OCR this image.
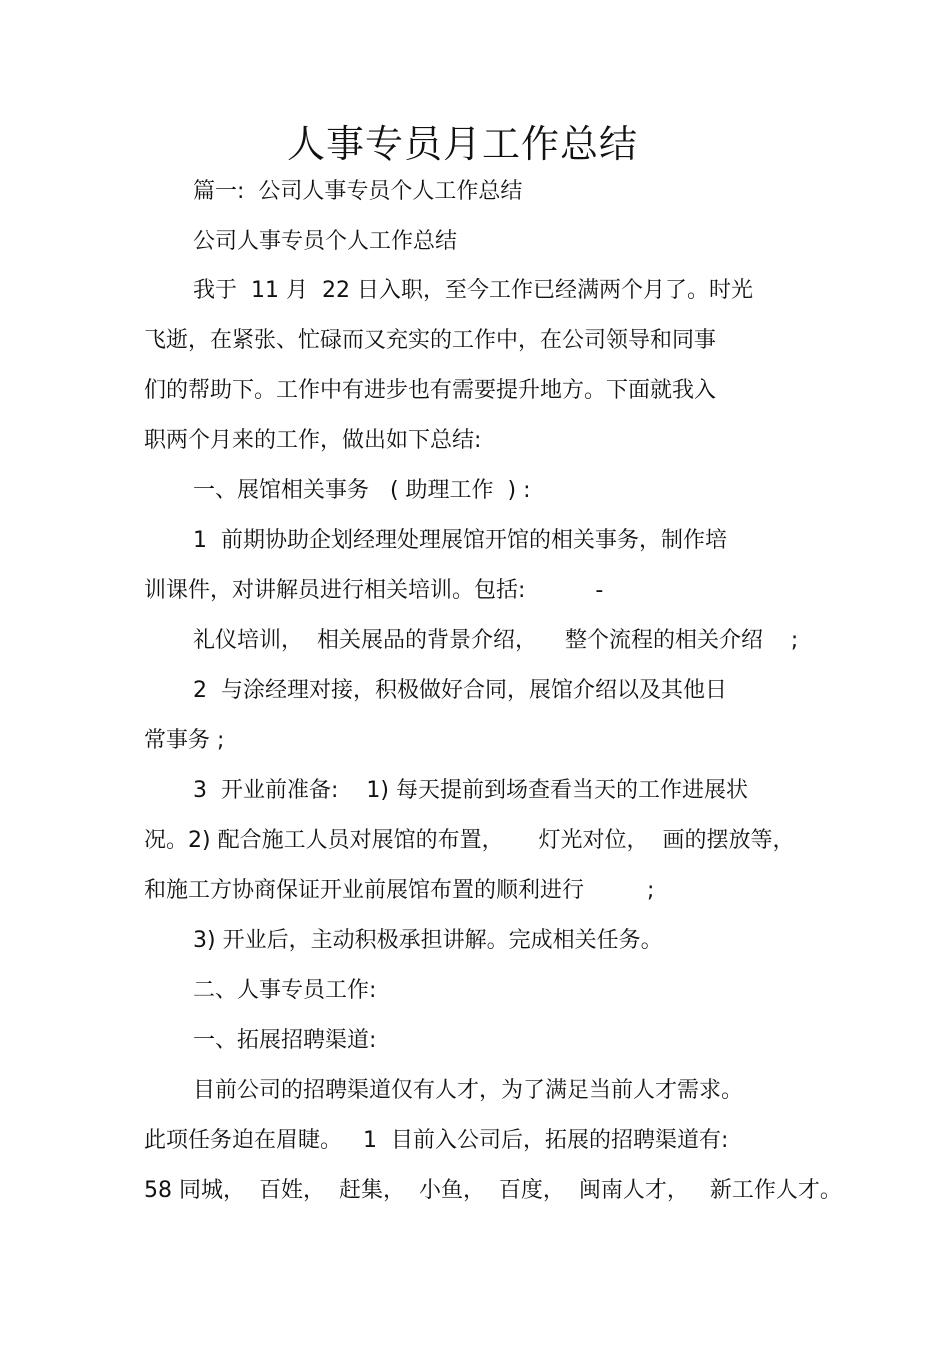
人事专员月工作总结
篇一:  公司人事专员个人工作总结
公司人事专员个人工作总结
我于  11 月  22 日入职，至今工作已经满两个月了。时光
飞逝，在紧张、忙碌而又充实的工作中，在公司领导和同事
们的帮助下。工作中有进步也有需要提升地方。下面就我入
职两个月来的工作，做出如下总结:
一、展馆相关事务   ( 助理工作  ) :
1  前期协助企划经理处理展馆开馆的相关事务，制作培
训课件，对讲解员进行相关培训。包括:          -
礼仪培训，  相关展品的背景介绍，    整个流程的相关介绍    ;
2  与涂经理对接，积极做好合同，展馆介绍以及其他日
常事务 ;
3  开业前准备:    1) 每天提前到场查看当天的工作进展状
况。2) 配合施工人员对展馆的布置，     灯光对位，  画的摆放等，
和施工方协商保证开业前展馆布置的顺利进行         ;
3) 开业后，主动积极承担讲解。完成相关任务。
二、人事专员工作:
一、拓展招聘渠道:
目前公司的招聘渠道仅有人才，为了满足当前人才需求。
此项任务迫在眉睫。   1  目前入公司后，拓展的招聘渠道有:
58 同城，  百姓，  赶集，  小鱼，  百度，  闽南人才，   新工作人才。
